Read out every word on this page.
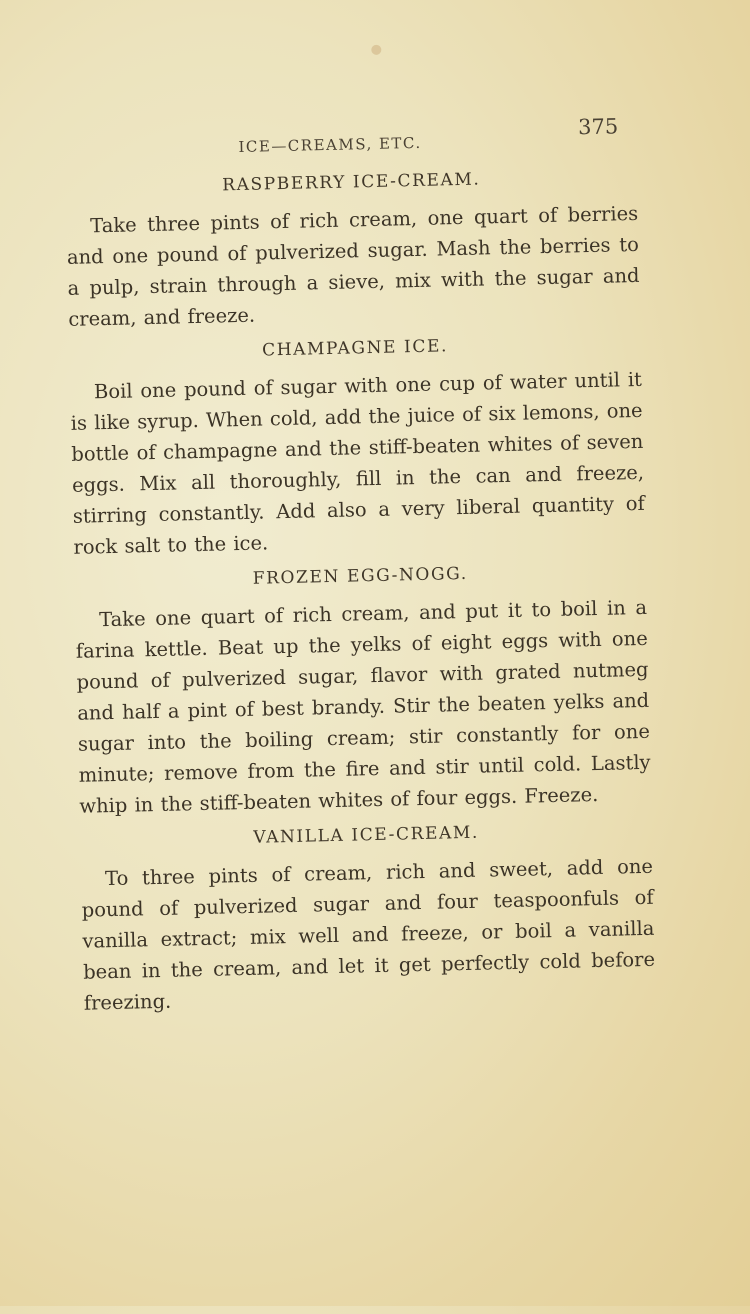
ICE—CREAMS, ETC.
375
RASPBERRY ICE-CREAM.

Take three pints of rich cream, one quart of berries and one pound of pulverized sugar. Mash the berries to a pulp, strain through a sieve, mix with the sugar and cream, and freeze.

CHAMPAGNE ICE.

Boil one pound of sugar with one cup of water until it is like syrup. When cold, add the juice of six lemons, one bottle of champagne and the stiff-beaten whites of seven eggs. Mix all thoroughly, fill in the can and freeze, stirring constantly. Add also a very liberal quantity of rock salt to the ice.

FROZEN EGG-NOGG.

Take one quart of rich cream, and put it to boil in a farina kettle. Beat up the yelks of eight eggs with one pound of pulverized sugar, flavor with grated nutmeg and half a pint of best brandy. Stir the beaten yelks and sugar into the boiling cream; stir constantly for one minute; remove from the fire and stir until cold. Lastly whip in the stiff-beaten whites of four eggs. Freeze.

VANILLA ICE-CREAM.

To three pints of cream, rich and sweet, add one pound of pulverized sugar and four teaspoonfuls of vanilla extract; mix well and freeze, or boil a vanilla bean in the cream, and let it get perfectly cold before freezing.
